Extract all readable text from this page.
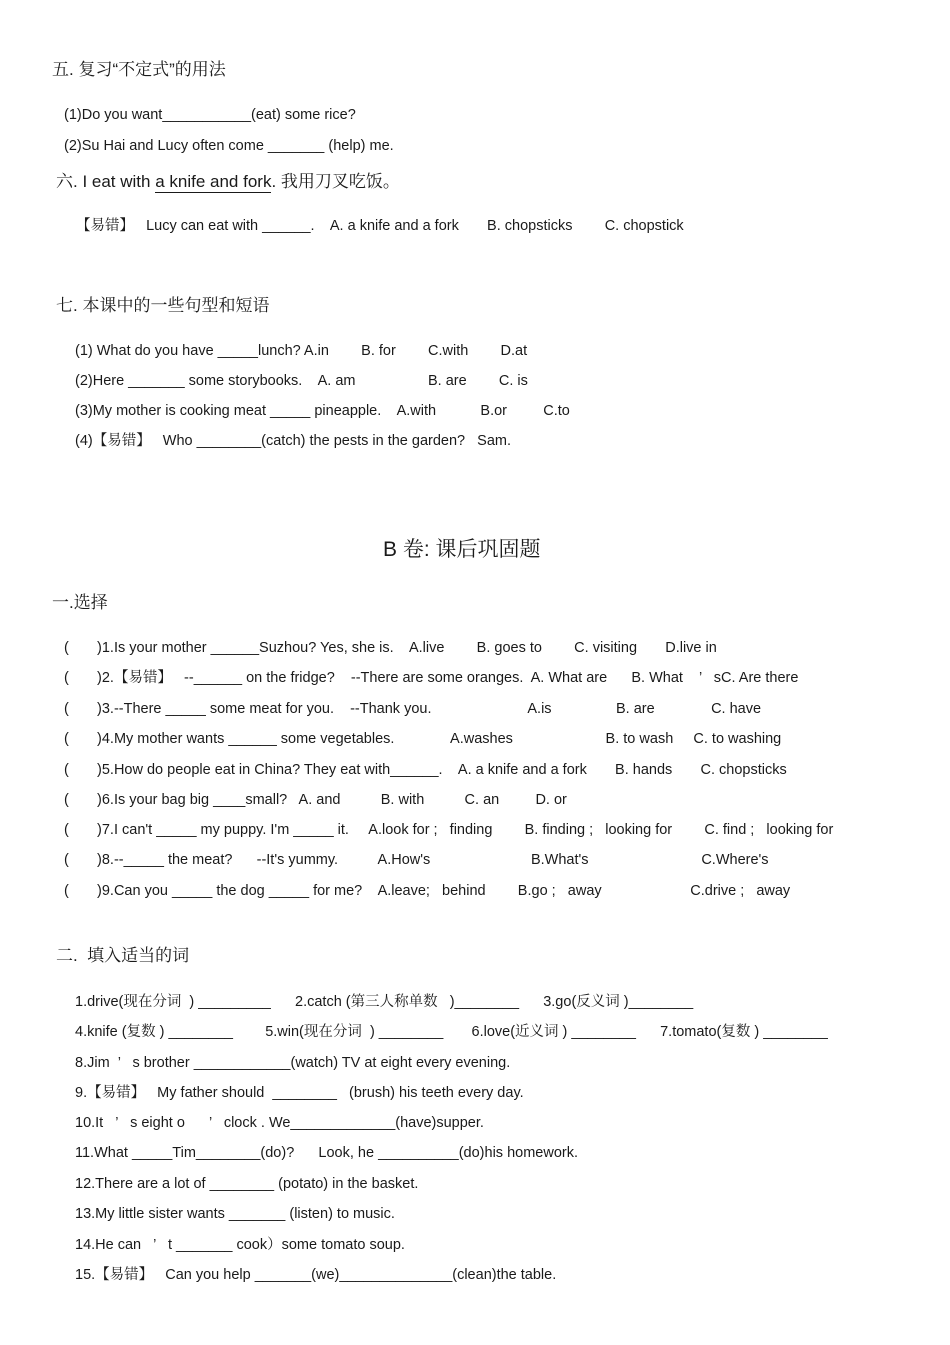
五. 复习“不定式”的用法
(1)Do you want___________(eat) some rice?
(2)Su Hai and Lucy often come _______ (help) me.
六. I eat with a knife and fork. 我用刀叉吃饭。
【易错】   Lucy can eat with ______.    A. a knife and a fork       B. chopsticks        C. chopstick
七. 本课中的一些句型和短语
(1) What do you have _____lunch? A.in        B. for        C.with        D.at
(2)Here _______ some storybooks.    A. am                  B. are        C. is
(3)My mother is cooking meat _____ pineapple.    A.with           B.or         C.to
(4)【易错】   Who ________(catch) the pests in the garden?   Sam.
B 卷: 课后巩固题
一.选择
(       )1.Is your mother ______Suzhou? Yes, she is.    A.live        B. goes to        C. visiting       D.live in
(       )2.【易错】   --______ on the fridge?    --There are some oranges.  A. What are      B. What    ’   sC. Are there
(       )3.--There _____ some meat for you.    --Thank you.                        A.is                B. are              C. have
(       )4.My mother wants ______ some vegetables.              A.washes                       B. to wash     C. to washing
(       )5.How do people eat in China? They eat with______.    A. a knife and a fork       B. hands       C. chopsticks
(       )6.Is your bag big ____small?   A. and          B. with          C. an         D. or
(       )7.I can't _____ my puppy. I'm _____ it.     A.look for ;   finding        B. finding ;   looking for        C. find ;   looking for
(       )8.--_____ the meat?      --It's yummy.          A.How's                         B.What's                            C.Where's
(       )9.Can you _____ the dog _____ for me?    A.leave;   behind        B.go ;   away                      C.drive ;   away
二.  填入适当的词
1.drive(现在分词  ) _________      2.catch (第三人称单数   )________      3.go(反义词 )________
4.knife (复数 ) ________        5.win(现在分词  ) ________       6.love(近义词 ) ________      7.tomato(复数 ) ________
8.Jim  ’   s brother ____________(watch) TV at eight every evening.
9.【易错】   My father should  ________   (brush) his teeth every day.
10.It   ’   s eight o      ’   clock . We_____________(have)supper.
11.What _____Tim________(do)?      Look, he __________(do)his homework.
12.There are a lot of ________ (potato) in the basket.
13.My little sister wants _______ (listen) to music.
14.He can   ’   t _______ cook）some tomato soup.
15.【易错】   Can you help _______(we)______________(clean)the table.
